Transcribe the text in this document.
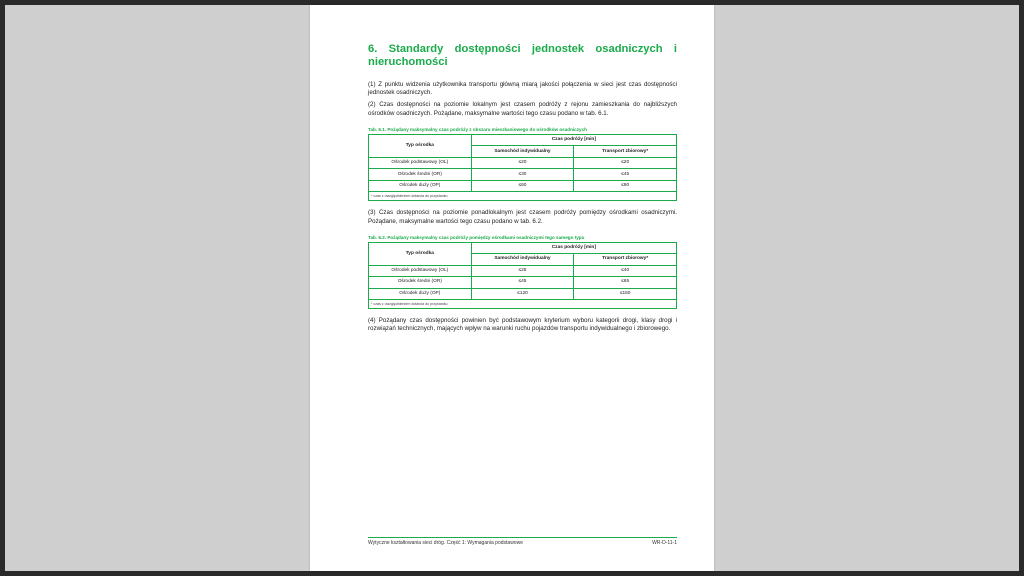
6. Standardy dostępności jednostek osadniczych i nieruchomości

(1) Z punktu widzenia użytkownika transportu główną miarą jakości połączenia w sieci jest czas dostępności jednostek osadniczych.

(2) Czas dostępności na poziomie lokalnym jest czasem podróży z rejonu zamieszkania do najbliższych ośrodków osadniczych. Pożądane, maksymalne wartości tego czasu podano w tab. 6.1.

Tab. 6.1. Pożądany maksymalny czas podróży z obszaru mieszkaniowego do ośrodków osadniczych
Typ ośrodka	Czas podróży [min]	
	Samochód indywidualny	Transport zbiorowy*
Ośrodek podstawowy (OL)	≤20	≤20
Ośrodek średni (OR)	≤30	≤45
Ośrodek duży (OP)	≤60	≤90
* czas z uwzględnieniem dotarcia do przystanku		

(3) Czas dostępności na poziomie ponadlokalnym jest czasem podróży pomiędzy ośrodkami osadniczymi. Pożądane, maksymalne wartości tego czasu podano w tab. 6.2.

Tab. 6.2. Pożądany maksymalny czas podróży pomiędzy ośrodkami osadniczymi tego samego typu
Typ ośrodka	Czas podróży [min]	
	Samochód indywidualny	Transport zbiorowy*
Ośrodek podstawowy (OL)	≤25	≤40
Ośrodek średni (OR)	≤45	≤65
Ośrodek duży (OP)	≤120	≤150
* czas z uwzględnieniem dotarcia do przystanku		

(4) Pożądany czas dostępności powinien być podstawowym kryterium wyboru kategorii drogi, klasy drogi i rozwiązań technicznych, mających wpływ na warunki ruchu pojazdów transportu indywidualnego i zbiorowego.

Wytyczne kształtowania sieci dróg. Część 1: Wymagania podstawowe	WR-D-11-1
